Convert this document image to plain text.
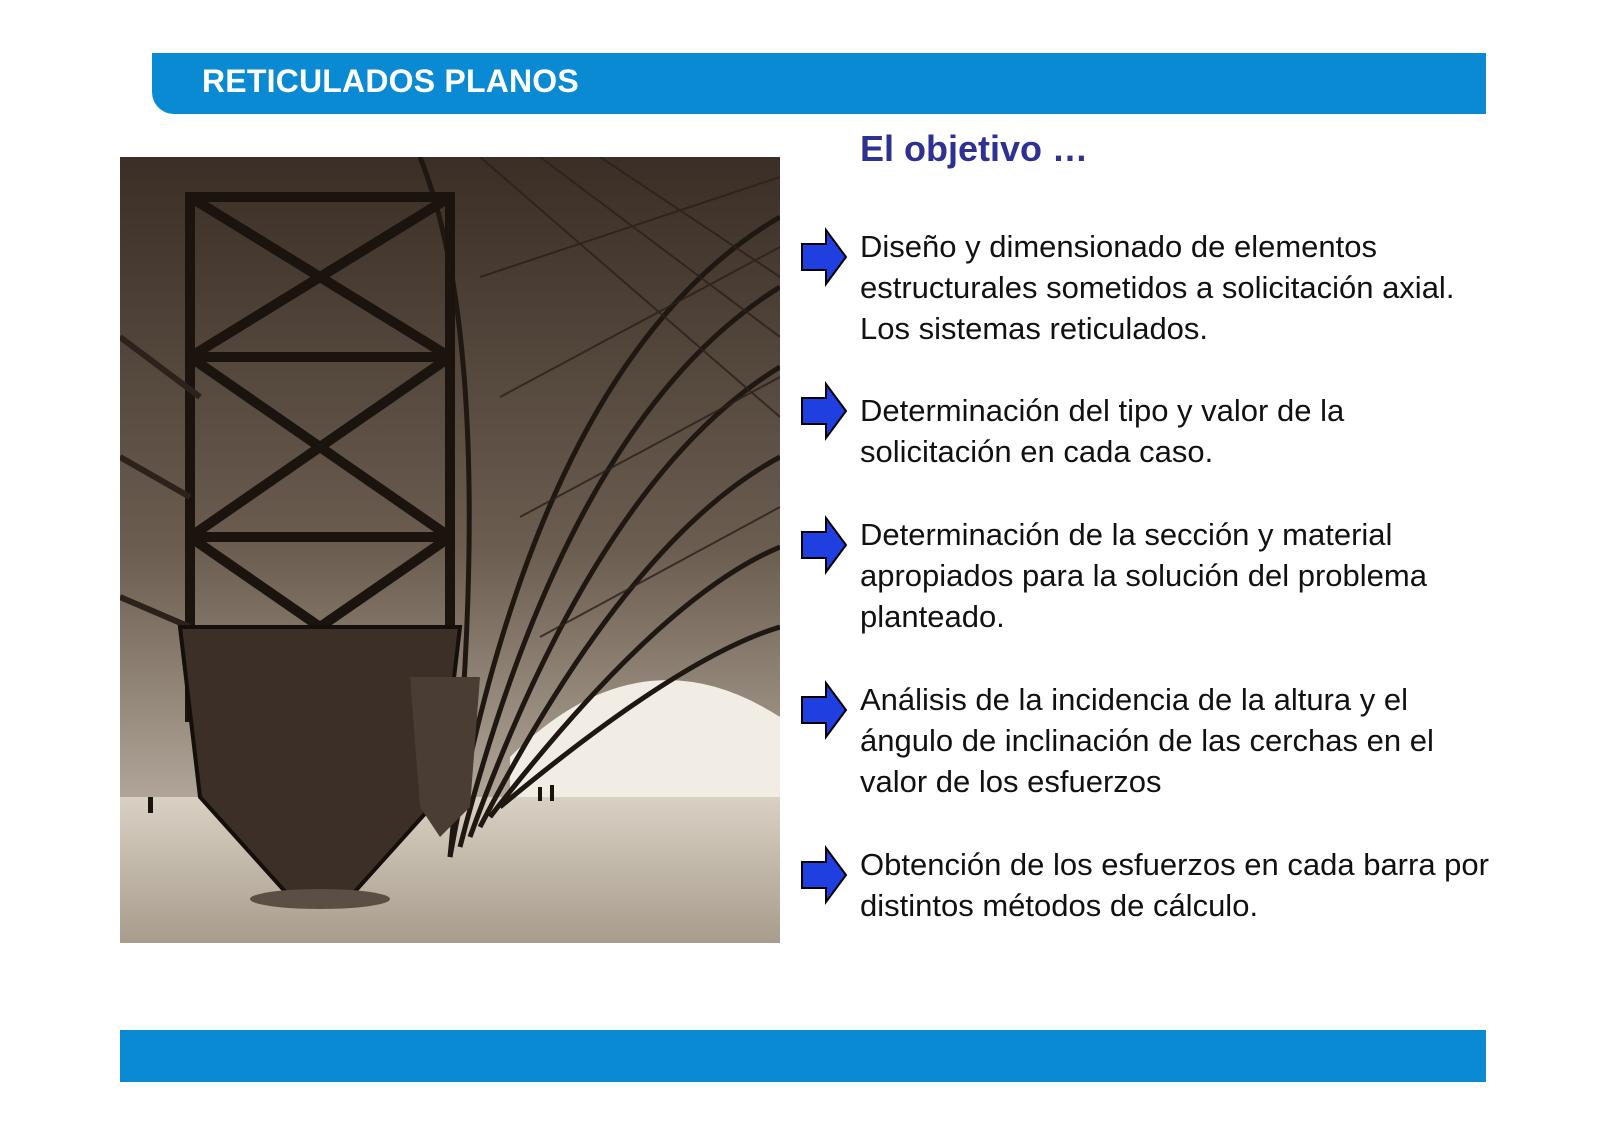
RETICULADOS PLANOS
El objetivo …
Diseño y dimensionado de elementos estructurales sometidos a solicitación axial. Los sistemas reticulados.
Determinación del tipo y valor de la solicitación en cada caso.
Determinación de la sección y material apropiados para la solución del problema planteado.
Análisis de la incidencia de la altura y el ángulo de inclinación de las cerchas en el valor de los esfuerzos
Obtención de los esfuerzos en cada barra por distintos métodos de cálculo.
